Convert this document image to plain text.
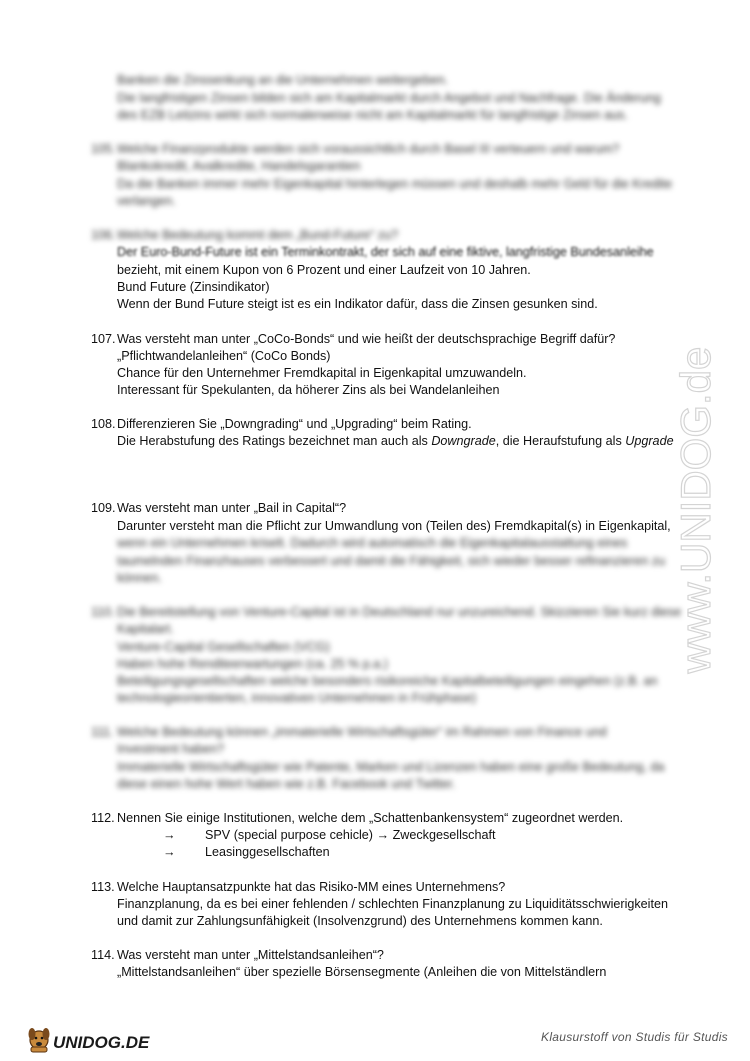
Banken die Zinssenkung an die Unternehmen weitergeben.
Die langfristigen Zinsen bilden sich am Kapitalmarkt durch Angebot und Nachfrage. Die Änderung
des EZB Leitzins wirkt sich normalerweise nicht am Kapitalmarkt für langfristige Zinsen aus.
105. Welche Finanzprodukte werden sich voraussichtlich durch Basel III verteuern und warum?
Blankokredit, Avalkredite, Handelsgarantien
Da die Banken immer mehr Eigenkapital hinterlegen müssen und deshalb mehr Geld für die Kredite
verlangen.
106. Welche Bedeutung kommt dem „Bund-Future“ zu?
Der Euro-Bund-Future ist ein Terminkontrakt, der sich auf eine fiktive, langfristige Bundesanleihe
bezieht, mit einem Kupon von 6 Prozent und einer Laufzeit von 10 Jahren.
Bund Future (Zinsindikator)
Wenn der Bund Future steigt ist es ein Indikator dafür, dass die Zinsen gesunken sind.
107. Was versteht man unter „CoCo-Bonds“ und wie heißt der deutschsprachige Begriff dafür?
„Pflichtwandelanleihen“ (CoCo Bonds)
Chance für den Unternehmer Fremdkapital in Eigenkapital umzuwandeln.
Interessant für Spekulanten, da höherer Zins als bei Wandelanleihen
108. Differenzieren Sie „Downgrading“ und „Upgrading“ beim Rating.
Die Herabstufung des Ratings bezeichnet man auch als Downgrade, die Heraufstufung als Upgrade
109. Was versteht man unter „Bail in Capital“?
Darunter versteht man die Pflicht zur Umwandlung von (Teilen des) Fremdkapital(s) in Eigenkapital,
wenn ein Unternehmen kriselt. Dadurch wird automatisch die Eigenkapitalausstattung eines
taumelnden Finanzhauses verbessert und damit die Fähigkeit, sich wieder besser refinanzieren zu
können.
110. Die Bereitstellung von Venture-Capital ist in Deutschland nur unzureichend. Skizzieren Sie kurz diese
Kapitalart.
Venture-Capital Gesellschaften (VCG)
Haben hohe Renditeerwartungen (ca. 25 % p.a.)
Beteiligungsgesellschaften welche besonders risikoreiche Kapitalbeteiligungen eingehen (z.B. an
technologieorientierten, innovativen Unternehmen in Frühphase)
111. Welche Bedeutung können „immaterielle Wirtschaftsgüter“ im Rahmen von Finance und
Investment haben?
Immaterielle Wirtschaftsgüter wie Patente, Marken und Lizenzen haben eine große Bedeutung, da
diese einen hohe Wert haben wie z.B. Facebook und Twitter.
112. Nennen Sie einige Institutionen, welche dem „Schattenbankensystem“ zugeordnet werden.
→ SPV (special purpose cehicle) → Zweckgesellschaft
→ Leasinggesellschaften
113. Welche Hauptansatzpunkte hat das Risiko-MM eines Unternehmens?
Finanzplanung, da es bei einer fehlenden / schlechten Finanzplanung zu Liquiditätsschwierigkeiten
und damit zur Zahlungsunfähigkeit (Insolvenzgrund) des Unternehmens kommen kann.
114. Was versteht man unter „Mittelstandsanleihen“?
„Mittelstandsanleihen“ über spezielle Börsensegmente (Anleihen die von Mittelständlern
www.UNIDOG.de
UNIDOG.DE	Klausurstoff von Studis für Studis
